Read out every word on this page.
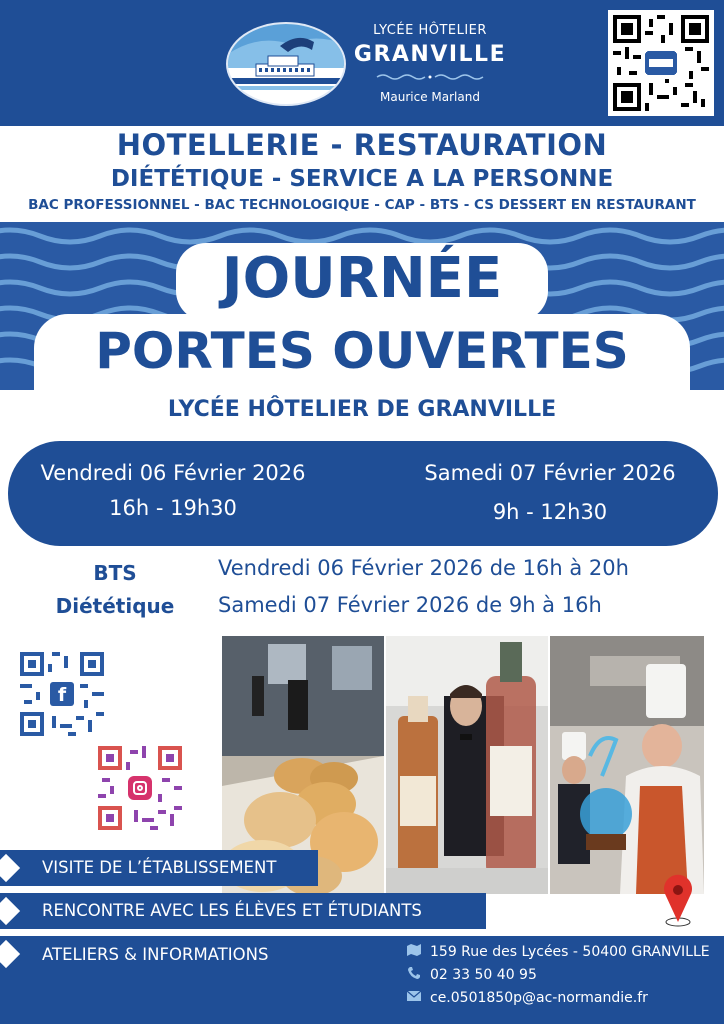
LYCÉE HÔTELIER
GRANVILLE
Maurice Marland
HOTELLERIE - RESTAURATION
DIÉTÉTIQUE - SERVICE A LA PERSONNE
BAC PROFESSIONNEL - BAC TECHNOLOGIQUE - CAP - BTS - CS DESSERT EN RESTAURANT
JOURNÉE
PORTES OUVERTES
LYCÉE HÔTELIER DE GRANVILLE
Vendredi 06 Février 2026
16h - 19h30
Samedi 07 Février 2026
9h - 12h30
BTS
Diététique
Vendredi 06 Février 2026 de 16h à 20h
Samedi 07 Février 2026 de 9h à 16h
f
ATELIERS & INFORMATIONS
VISITE DE L’ÉTABLISSEMENT
RENCONTRE AVEC LES ÉLÈVES ET ÉTUDIANTS
159 Rue des Lycées - 50400 GRANVILLE
02 33 50 40 95
ce.0501850p@ac-normandie.fr
